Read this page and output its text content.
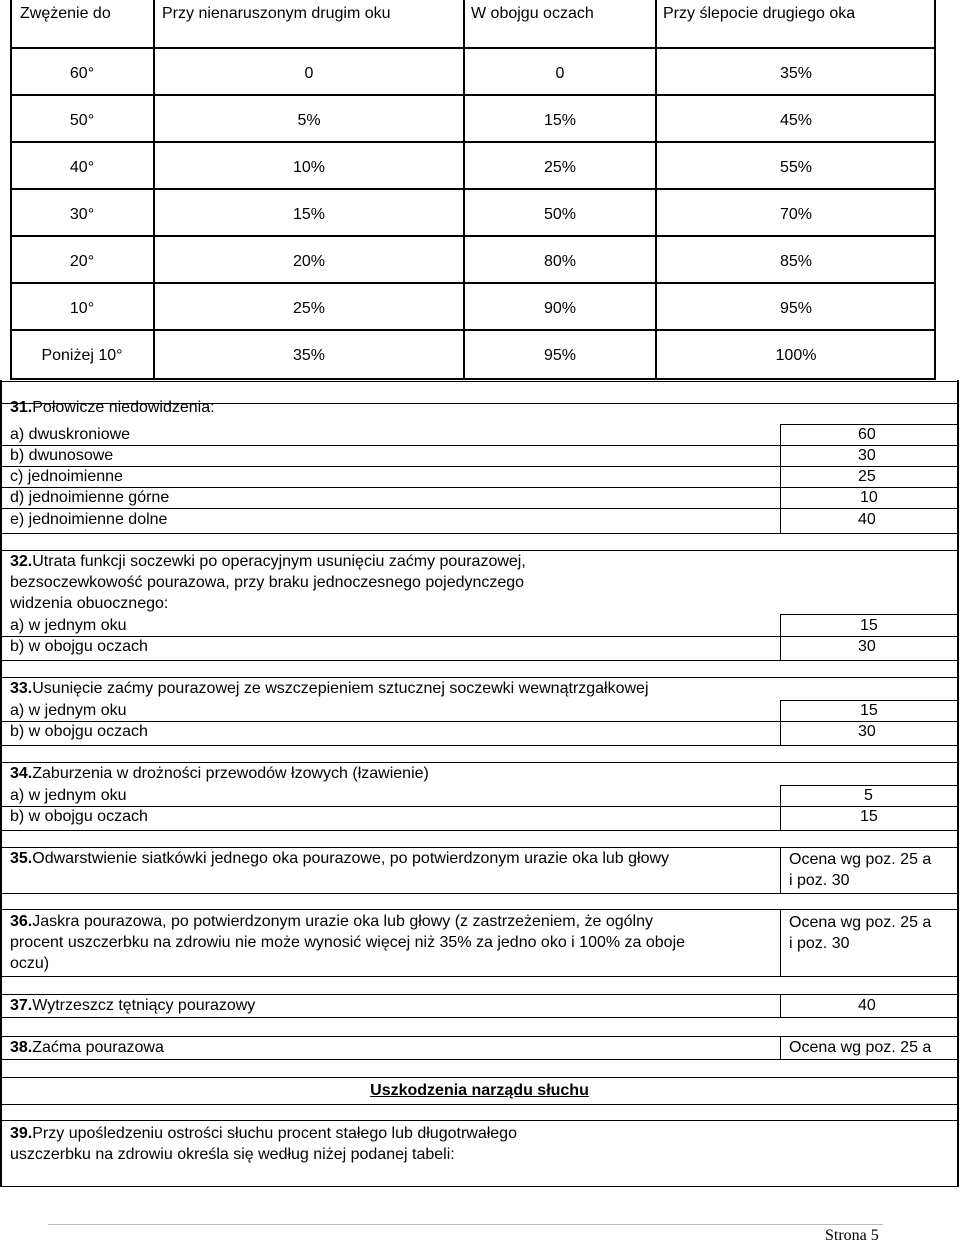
Zwężenie do	Przy nienaruszonym drugim oku	W obojgu oczach	Przy ślepocie drugiego oka
60°	0	0	35%
50°	5%	15%	45%
40°	10%	25%	55%
30°	15%	50%	70%
20°	20%	80%	85%
10°	25%	90%	95%
Poniżej 10°	35%	95%	100%
31.Połowicze niedowidzenia:
a) dwuskroniowe	60
b) dwunosowe	30
c) jednoimienne	25
d) jednoimienne górne	10
e) jednoimienne dolne	40
32.Utrata funkcji soczewki po operacyjnym usunięciu zaćmy pourazowej,
bezsoczewkowość pourazowa, przy braku jednoczesnego pojedynczego
widzenia obuocznego:
a) w jednym oku	15
b) w obojgu oczach	30
33.Usunięcie zaćmy pourazowej ze wszczepieniem sztucznej soczewki wewnątrzgałkowej
a) w jednym oku	15
b) w obojgu oczach	30
34.Zaburzenia w drożności przewodów łzowych (łzawienie)
a) w jednym oku	5
b) w obojgu oczach	15
35.Odwarstwienie siatkówki jednego oka pourazowe, po potwierdzonym urazie oka lub głowy	Ocena wg poz. 25 a
i poz. 30
36.Jaskra pourazowa, po potwierdzonym urazie oka lub głowy (z zastrzeżeniem, że ogólny
procent uszczerbku na zdrowiu nie może wynosić więcej niż 35% za jedno oko i 100% za oboje
oczu)
Ocena wg poz. 25 a
i poz. 30
37.Wytrzeszcz tętniący pourazowy	40
38.Zaćma pourazowa	Ocena wg poz. 25 a
Uszkodzenia narządu słuchu
39.Przy upośledzeniu ostrości słuchu procent stałego lub długotrwałego
uszczerbku na zdrowiu określa się według niżej podanej tabeli:
Strona 5
